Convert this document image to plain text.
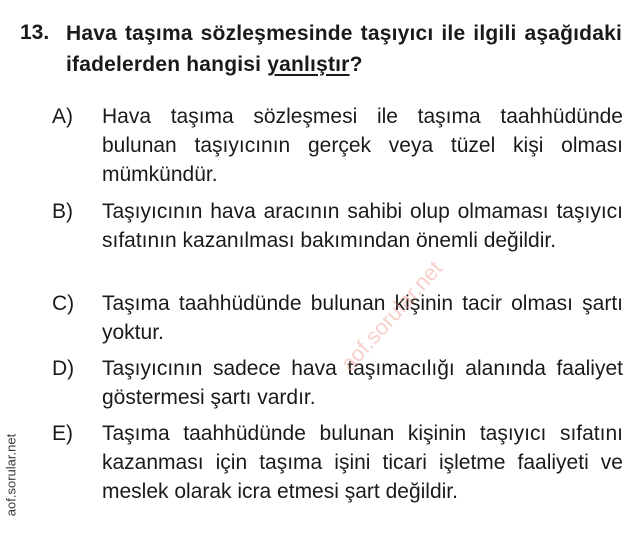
13. Hava taşıma sözleşmesinde taşıyıcı ile ilgili aşağıdaki ifadelerden hangisi yanlıştır?
A) Hava taşıma sözleşmesi ile taşıma taahhüdünde bulunan taşıyıcının gerçek veya tüzel kişi olması mümkündür.
B) Taşıyıcının hava aracının sahibi olup olmaması taşıyıcı sıfatının kazanılması bakımından önemli değildir.
C) Taşıma taahhüdünde bulunan kişinin tacir olması şartı yoktur.
D) Taşıyıcının sadece hava taşımacılığı alanında faaliyet göstermesi şartı vardır.
E) Taşıma taahhüdünde bulunan kişinin taşıyıcı sıfatını kazanması için taşıma işini ticari işletme faaliyeti ve meslek olarak icra etmesi şart değildir.
aof.sorular.net
aof.sorular.net
